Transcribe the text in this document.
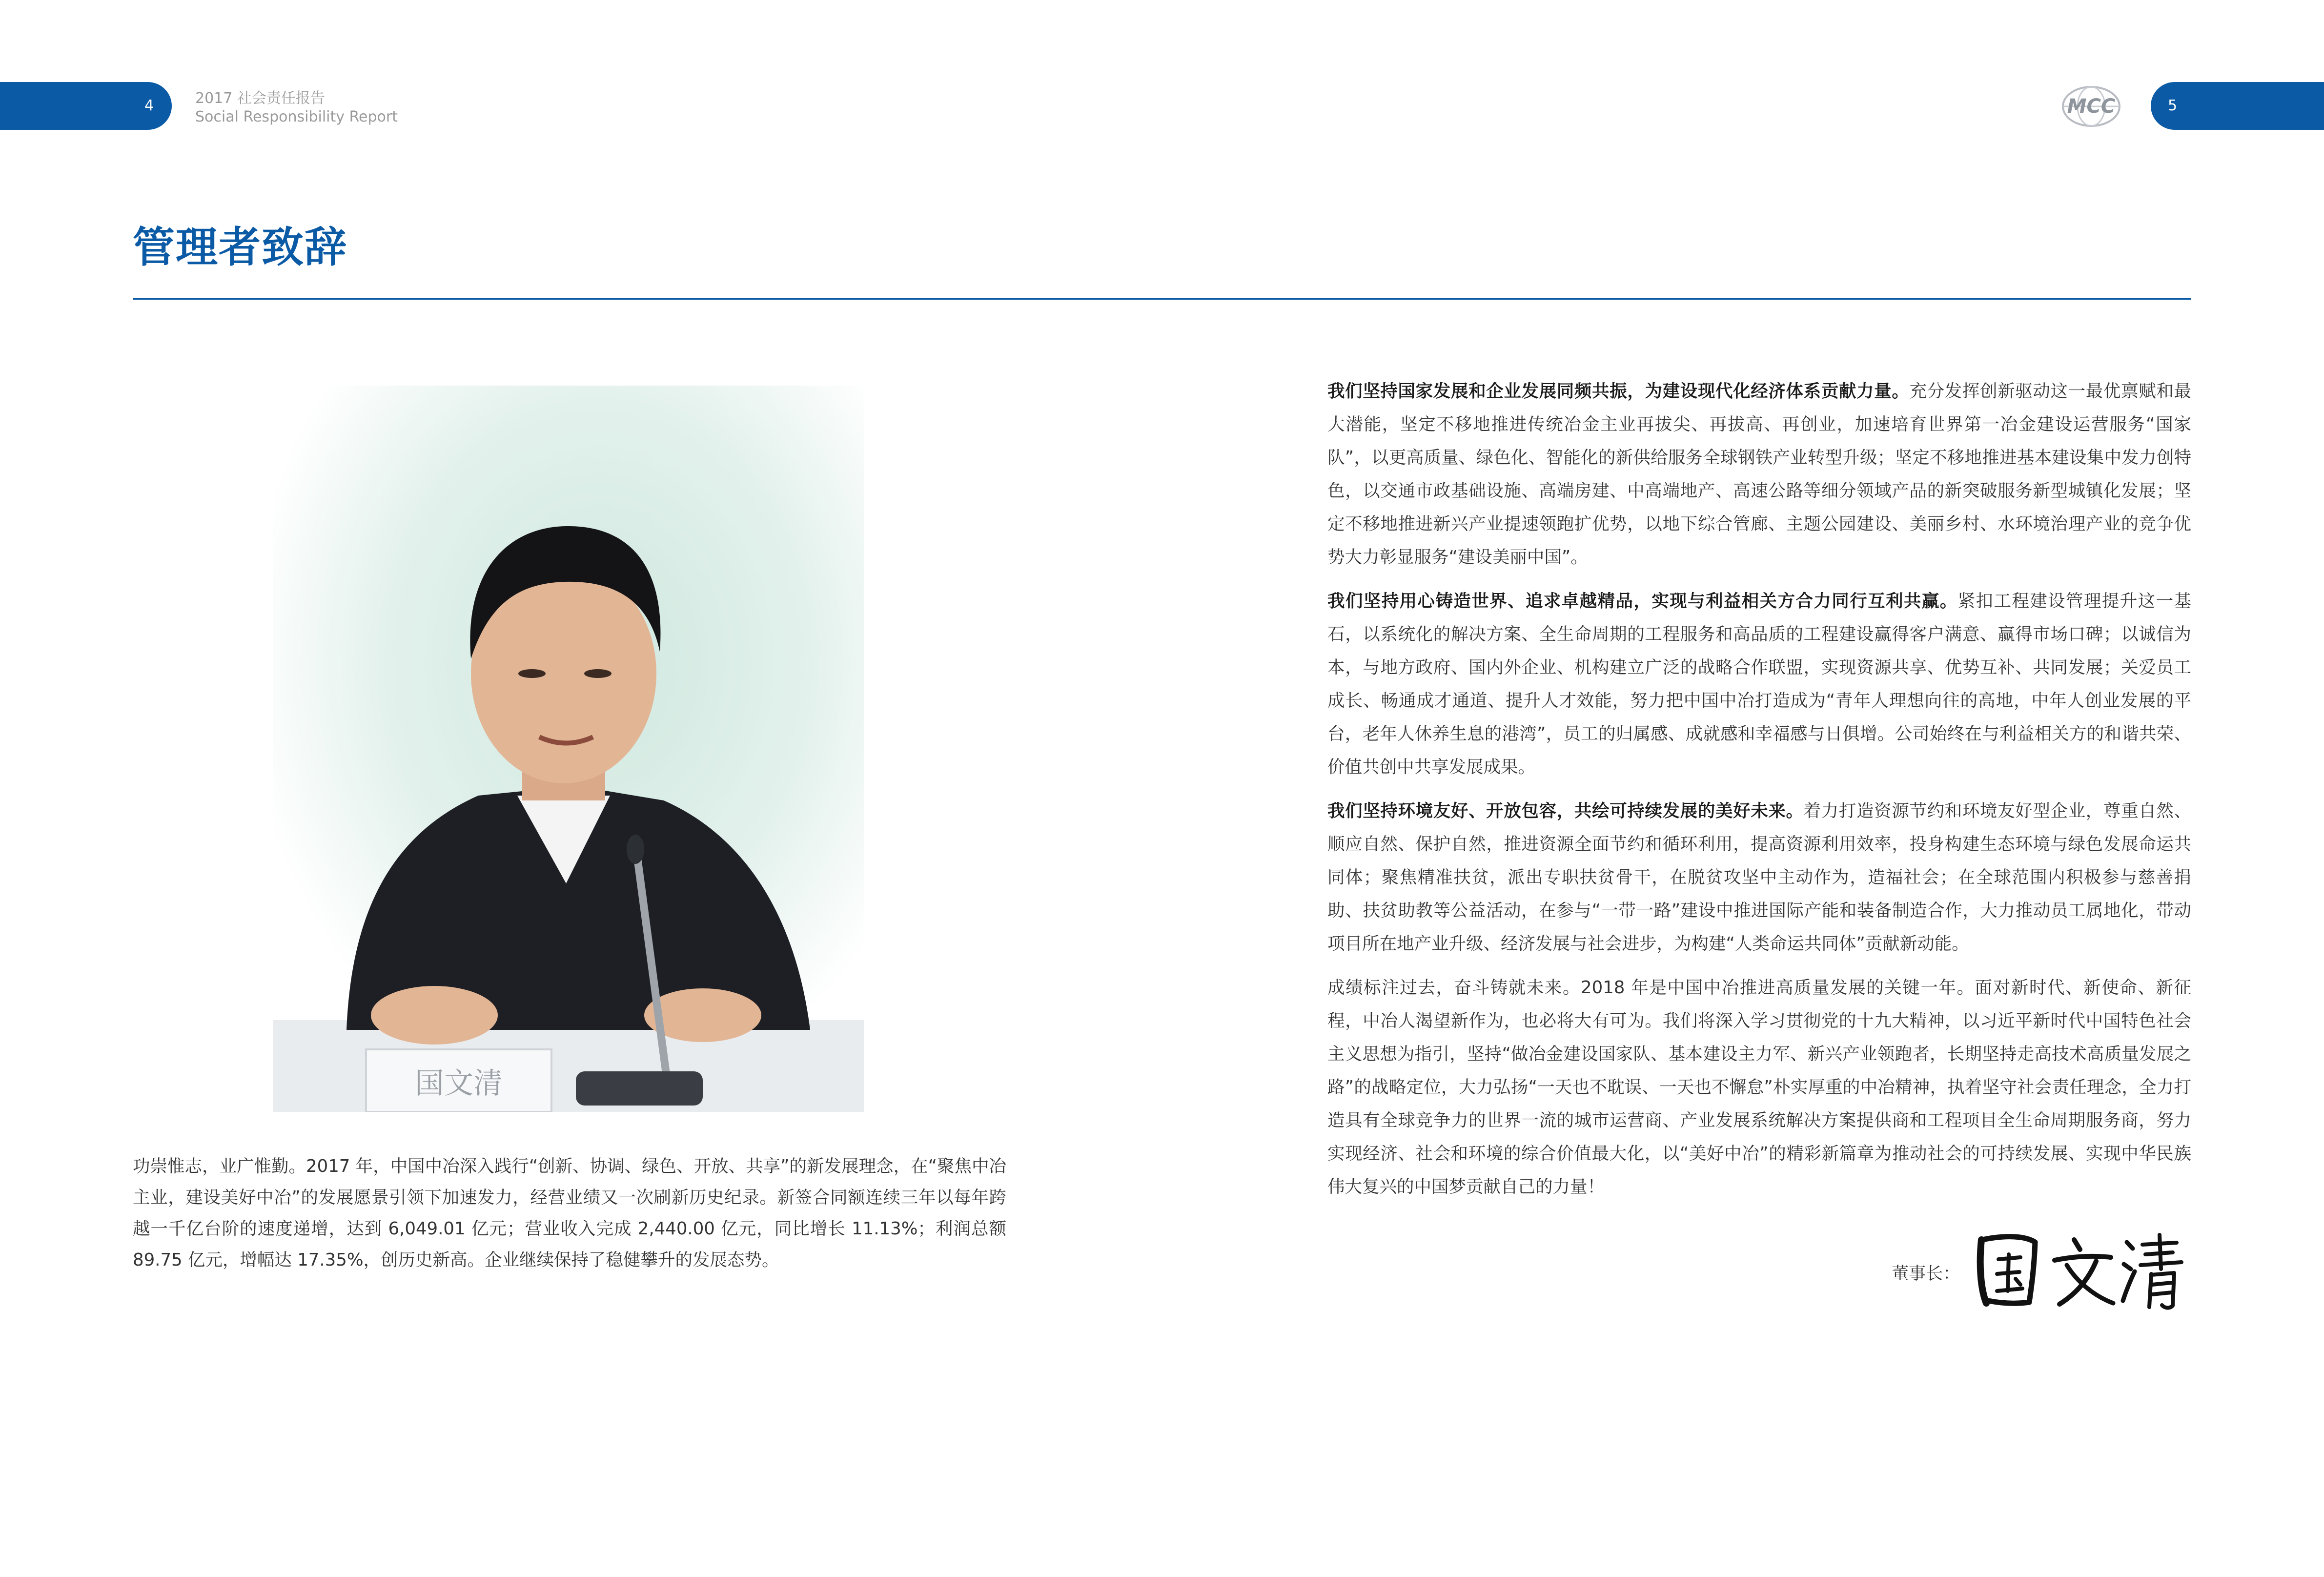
4	2017 社会责任报告
Social Responsibility Report
5
MCC
管理者致辞
国文清

功崇惟志，业广惟勤。2017 年，中国中冶深入践行“创新、协调、绿色、开放、共享”的新发展理念，在“聚焦中冶主业，建设美好中冶”的发展愿景引领下加速发力，经营业绩又一次刷新历史纪录。新签合同额连续三年以每年跨越一千亿台阶的速度递增，达到 6,049.01 亿元；营业收入完成 2,440.00 亿元，同比增长 11.13%；利润总额 89.75 亿元，增幅达 17.35%，创历史新高。企业继续保持了稳健攀升的发展态势。

我们坚持国家发展和企业发展同频共振，为建设现代化经济体系贡献力量。充分发挥创新驱动这一最优禀赋和最大潜能，坚定不移地推进传统冶金主业再拔尖、再拔高、再创业，加速培育世界第一冶金建设运营服务“国家队”，以更高质量、绿色化、智能化的新供给服务全球钢铁产业转型升级；坚定不移地推进基本建设集中发力创特色，以交通市政基础设施、高端房建、中高端地产、高速公路等细分领域产品的新突破服务新型城镇化发展；坚定不移地推进新兴产业提速领跑扩优势，以地下综合管廊、主题公园建设、美丽乡村、水环境治理产业的竞争优势大力彰显服务“建设美丽中国”。

我们坚持用心铸造世界、追求卓越精品，实现与利益相关方合力同行互利共赢。紧扣工程建设管理提升这一基石，以系统化的解决方案、全生命周期的工程服务和高品质的工程建设赢得客户满意、赢得市场口碑；以诚信为本，与地方政府、国内外企业、机构建立广泛的战略合作联盟，实现资源共享、优势互补、共同发展；关爱员工成长、畅通成才通道、提升人才效能，努力把中国中冶打造成为“青年人理想向往的高地，中年人创业发展的平台，老年人休养生息的港湾”，员工的归属感、成就感和幸福感与日俱增。公司始终在与利益相关方的和谐共荣、价值共创中共享发展成果。

我们坚持环境友好、开放包容，共绘可持续发展的美好未来。着力打造资源节约和环境友好型企业，尊重自然、顺应自然、保护自然，推进资源全面节约和循环利用，提高资源利用效率，投身构建生态环境与绿色发展命运共同体；聚焦精准扶贫，派出专职扶贫骨干，在脱贫攻坚中主动作为，造福社会；在全球范围内积极参与慈善捐助、扶贫助教等公益活动，在参与“一带一路”建设中推进国际产能和装备制造合作，大力推动员工属地化，带动项目所在地产业升级、经济发展与社会进步，为构建“人类命运共同体”贡献新动能。

成绩标注过去，奋斗铸就未来。2018 年是中国中冶推进高质量发展的关键一年。面对新时代、新使命、新征程，中冶人渴望新作为，也必将大有可为。我们将深入学习贯彻党的十九大精神，以习近平新时代中国特色社会主义思想为指引，坚持“做冶金建设国家队、基本建设主力军、新兴产业领跑者，长期坚持走高技术高质量发展之路”的战略定位，大力弘扬“一天也不耽误、一天也不懈怠”朴实厚重的中冶精神，执着坚守社会责任理念，全力打造具有全球竞争力的世界一流的城市运营商、产业发展系统解决方案提供商和工程项目全生命周期服务商，努力实现经济、社会和环境的综合价值最大化，以“美好中冶”的精彩新篇章为推动社会的可持续发展、实现中华民族伟大复兴的中国梦贡献自己的力量！

董事长：
